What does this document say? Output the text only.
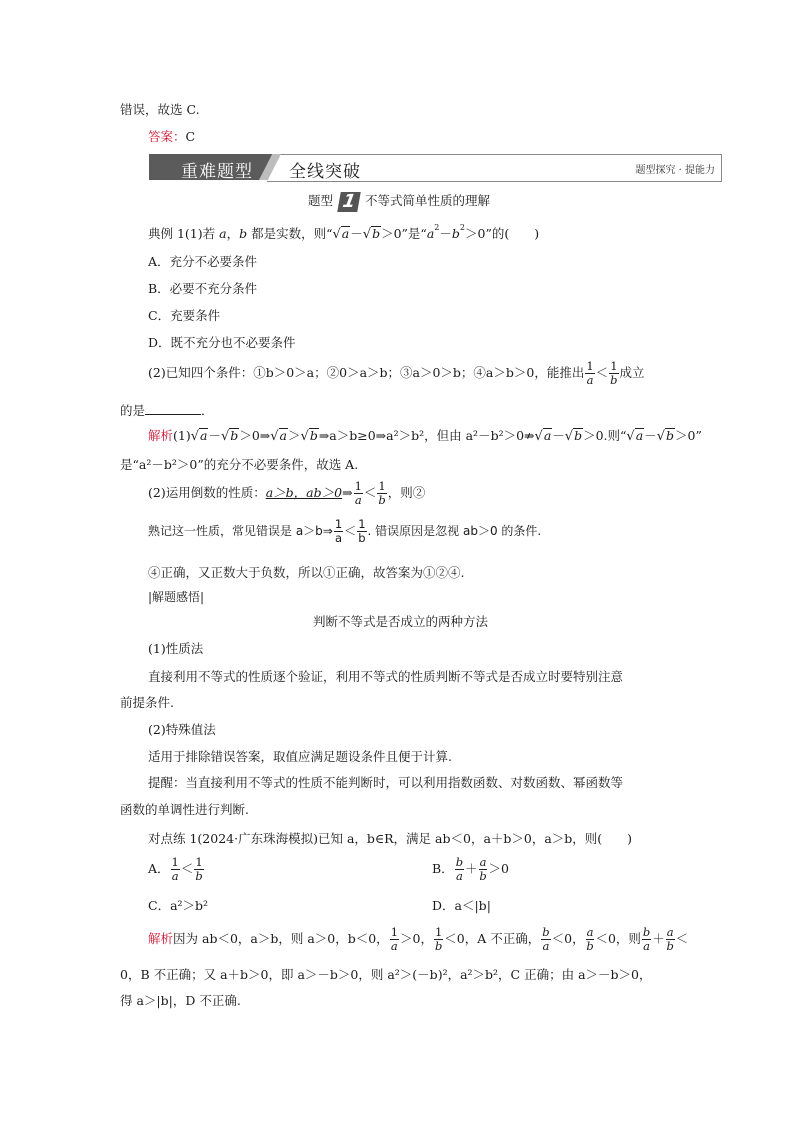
错误，故选 C.
答案：C
重难题型 全线突破	题型探究 · 提能力
题型 1 不等式简单性质的理解
典例 1(1)若 a，b 都是实数，则“√a－√b＞0”是“$a^2-b^2>0$”的(　　)
A．充分不必要条件
B．必要不充分条件
C．充要条件
D．既不充分也不必要条件
(2)已知四个条件：①b＞0＞a；②0＞a＞b；③a＞0＞b；④a＞b＞0，能推出 $\frac{1}{a} < \frac{1}{b}$ 成立
的是	．
解析(1)√a－√b＞0⇒√a＞√b⇒a＞b≥0⇒a²＞b²，但由 a²－b²＞0⇏√a－√b＞0.则“√a－√b＞0”
是“a²－b²＞0”的充分不必要条件，故选 A.
(2)运用倒数的性质：a＞b，ab＞0⇒ $\frac{1}{a} < \frac{1}{b}$ ，则②
熟记这一性质，常见错误是 a＞b⇒ $\frac{1}{a} < \frac{1}{b}$ . 错误原因是忽视 ab＞0 的条件.
④正确，又正数大于负数，所以①正确，故答案为①②④.
|解题感悟|
判断不等式是否成立的两种方法
(1)性质法
直接利用不等式的性质逐个验证，利用不等式的性质判断不等式是否成立时要特别注意
前提条件.
(2)特殊值法
适用于排除错误答案，取值应满足题设条件且便于计算.
提醒：当直接利用不等式的性质不能判断时，可以利用指数函数、对数函数、幂函数等
函数的单调性进行判断.
对点练 1(2024·广东珠海模拟)已知 a，b∈R，满足 ab＜0，a＋b＞0，a＞b，则(　　)
A． $\frac{1}{a} < \frac{1}{b}$	B． $\frac{b}{a} + \frac{a}{b} >0$
C．a²＞b²	D．a＜|b|
解析因为 ab＜0，a＞b，则 a＞0，b＜0， $\frac{1}{a} >0$， $\frac{1}{b} <0$，A 不正确， $\frac{b}{a} <0$， $\frac{a}{b} <0$，则 $\frac{b}{a} + \frac{a}{b}$ ＜
0，B 不正确；又 a＋b＞0，即 a＞－b＞0，则 a²＞(－b)²，a²＞b²，C 正确；由 a＞－b＞0，
得 a＞|b|，D 不正确.
